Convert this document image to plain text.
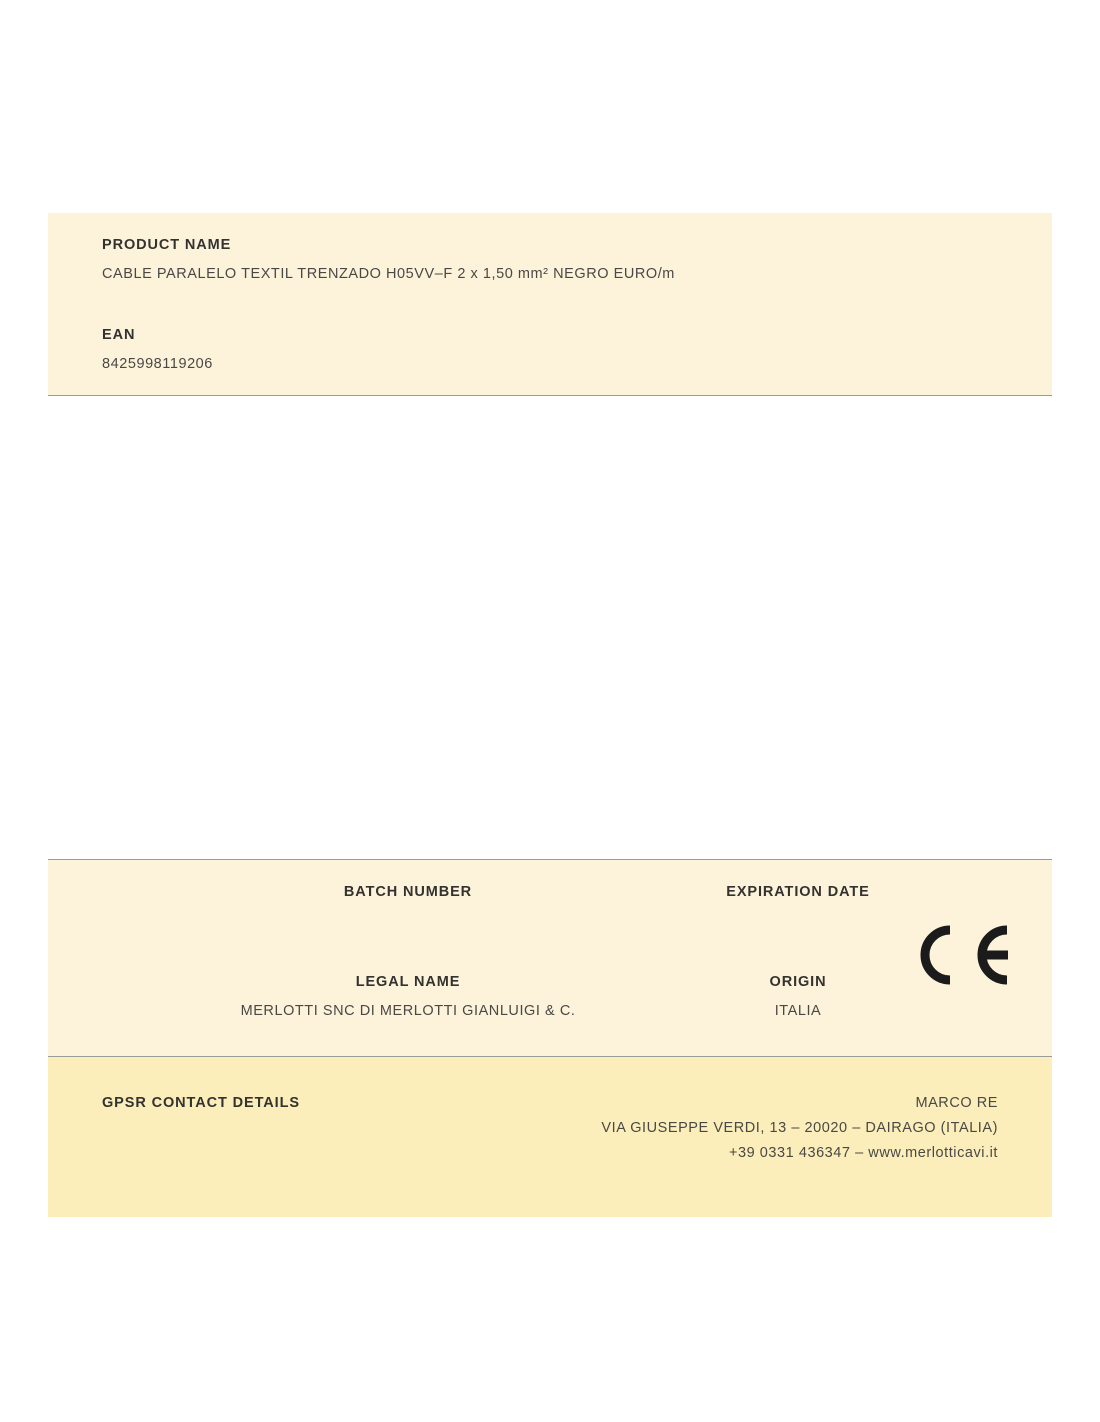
PRODUCT NAME
CABLE PARALELO TEXTIL TRENZADO H05VV–F 2 x 1,50 mm² NEGRO EURO/m
EAN
8425998119206
BATCH NUMBER	EXPIRATION DATE
LEGAL NAME
MERLOTTI SNC DI MERLOTTI GIANLUIGI & C.
ORIGIN
ITALIA
GPSR CONTACT DETAILS	MARCO RE
VIA GIUSEPPE VERDI, 13 – 20020 – DAIRAGO (ITALIA)
+39 0331 436347 – www.merlotticavi.it
